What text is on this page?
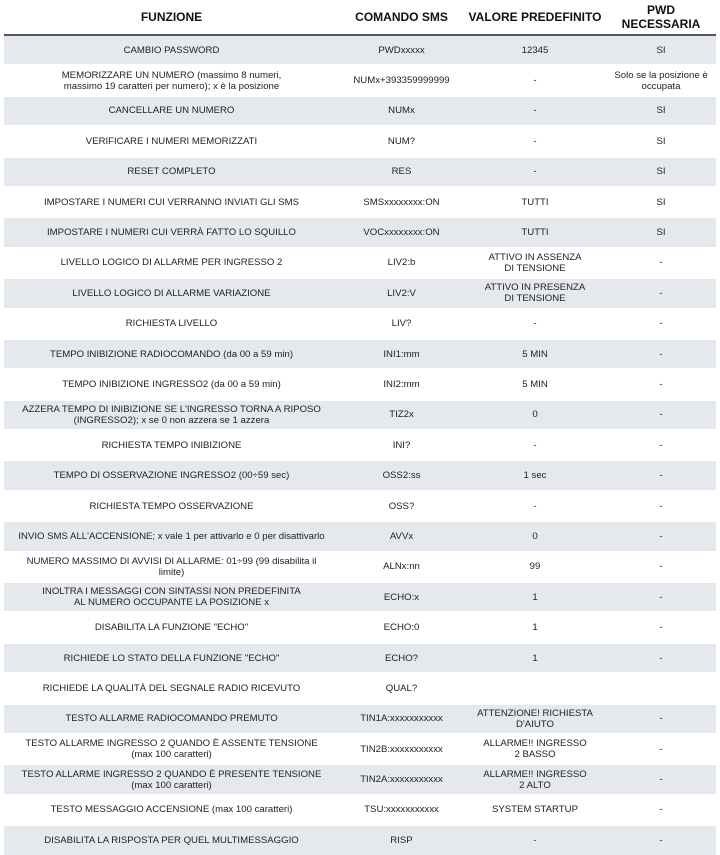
FUNZIONE	COMANDO SMS	VALORE PREDEFINITO	PWD NECESSARIA
CAMBIO PASSWORD	PWDxxxxx	12345	SI
MEMORIZZARE UN NUMERO (massimo 8 numeri,
massimo 19 caratteri per numero); x è la posizione	NUMx+393359999999	-	Solo se la posizione è
occupata
CANCELLARE UN NUMERO	NUMx	-	SI
VERIFICARE I NUMERI MEMORIZZATI	NUM?	-	SI
RESET COMPLETO	RES	-	SI
IMPOSTARE I NUMERI CUI VERRANNO INVIATI GLI SMS	SMSxxxxxxxx:ON	TUTTI	SI
IMPOSTARE I NUMERI CUI VERRÀ FATTO LO SQUILLO	VOCxxxxxxxx:ON	TUTTI	SI
LIVELLO LOGICO DI ALLARME PER INGRESSO 2	LIV2:b	ATTIVO IN ASSENZA
DI TENSIONE	-
LIVELLO LOGICO DI ALLARME VARIAZIONE	LIV2:V	ATTIVO IN PRESENZA
DI TENSIONE	-
RICHIESTA LIVELLO	LIV?	-	-
TEMPO INIBIZIONE RADIOCOMANDO (da 00 a 59 min)	INI1:mm	5 MIN	-
TEMPO INIBIZIONE INGRESSO2 (da 00 a 59 min)	INI2:mm	5 MIN	-
AZZERA TEMPO DI INIBIZIONE SE L'INGRESSO TORNA A RIPOSO
(INGRESSO2); x se 0 non azzera se 1 azzera	TIZ2x	0	-
RICHIESTA TEMPO INIBIZIONE	INI?	-	-
TEMPO DI OSSERVAZIONE INGRESSO2 (00÷59 sec)	OSS2:ss	1 sec	-
RICHIESTA TEMPO OSSERVAZIONE	OSS?	-	-
INVIO SMS ALL'ACCENSIONE; x vale 1 per attivarlo e 0 per disattivarlo	AVVx	0	-
NUMERO MASSIMO DI AVVISI DI ALLARME: 01÷99 (99 disabilita il
limite)	ALNx:nn	99	-
INOLTRA I MESSAGGI CON SINTASSI NON PREDEFINITA
AL NUMERO OCCUPANTE LA POSIZIONE x	ECHO:x	1	-
DISABILITA LA FUNZIONE "ECHO"	ECHO:0	1	-
RICHIEDE LO STATO DELLA FUNZIONE "ECHO"	ECHO?	1	-
RICHIEDE LA QUALITÀ DEL SEGNALE RADIO RICEVUTO	QUAL?		
TESTO ALLARME RADIOCOMANDO PREMUTO	TIN1A:xxxxxxxxxxx	ATTENZIONE! RICHIESTA
D'AIUTO	-
TESTO ALLARME INGRESSO 2 QUANDO È ASSENTE TENSIONE
(max 100 caratteri)	TIN2B:xxxxxxxxxxx	ALLARME!! INGRESSO
2 BASSO	-
TESTO ALLARME INGRESSO 2 QUANDO È PRESENTE TENSIONE
(max 100 caratteri)	TIN2A:xxxxxxxxxxx	ALLARME!! INGRESSO
2 ALTO	-
TESTO MESSAGGIO ACCENSIONE (max 100 caratteri)	TSU:xxxxxxxxxxx	SYSTEM STARTUP	-
DISABILITA LA RISPOSTA PER QUEL MULTIMESSAGGIO	RISP	-	-
